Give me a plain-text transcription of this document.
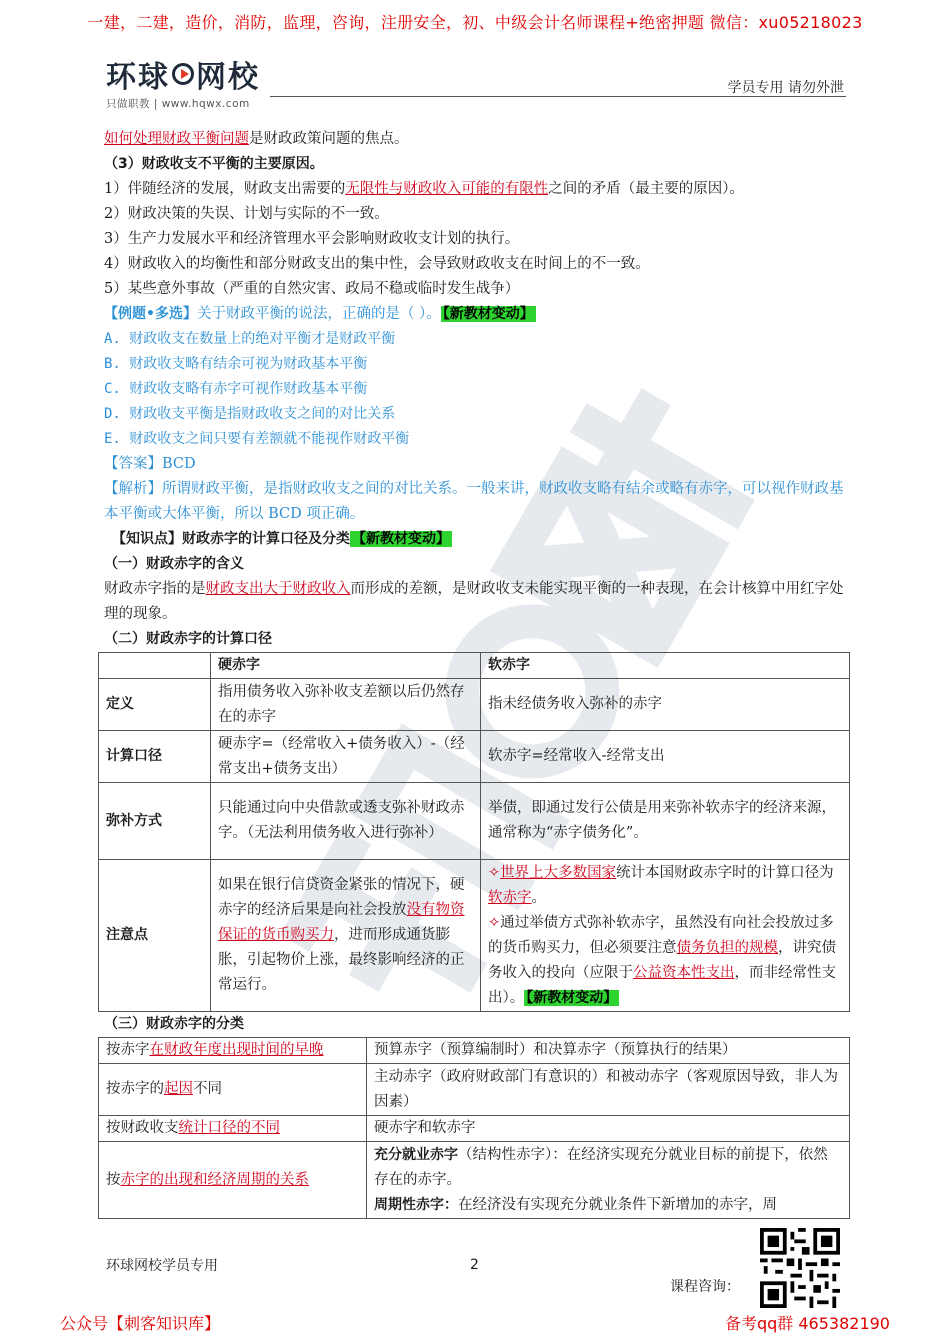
一建，二建，造价，消防，监理，咨询，注册安全，初、中级会计名师课程+绝密押题 微信：xu05218023
环球 网校
只做职教 | www.hqwx.com
学员专用 请勿外泄
如何处理财政平衡问题是财政政策问题的焦点。
（3）财政收支不平衡的主要原因。
1）伴随经济的发展，财政支出需要的无限性与财政收入可能的有限性之间的矛盾（最主要的原因）。
2）财政决策的失误、计划与实际的不一致。
3）生产力发展水平和经济管理水平会影响财政收支计划的执行。
4）财政收入的均衡性和部分财政支出的集中性，会导致财政收支在时间上的不一致。
5）某些意外事故（严重的自然灾害、政局不稳或临时发生战争）
【例题•多选】关于财政平衡的说法，正确的是（ ）。 【新教材变动】
A. 财政收支在数量上的绝对平衡才是财政平衡
B. 财政收支略有结余可视为财政基本平衡
C. 财政收支略有赤字可视作财政基本平衡
D. 财政收支平衡是指财政收支之间的对比关系
E. 财政收支之间只要有差额就不能视作财政平衡
【答案】BCD
【解析】所谓财政平衡，是指财政收支之间的对比关系。一般来讲，财政收支略有结余或略有赤字，可以视作财政基本平衡或大体平衡，所以 BCD 项正确。
【知识点】财政赤字的计算口径及分类 【新教材变动】
（一）财政赤字的含义
财政赤字指的是财政支出大于财政收入而形成的差额，是财政收支未能实现平衡的一种表现，在会计核算中用红字处理的现象。
（二）财政赤字的计算口径
	硬赤字	软赤字
定义	指用债务收入弥补收支差额以后仍然存在的赤字	指未经债务收入弥补的赤字
计算口径	硬赤字=（经常收入+债务收入）-（经常支出+债务支出）	软赤字=经常收入-经常支出
弥补方式	只能通过向中央借款或透支弥补财政赤字。（无法利用债务收入进行弥补）	举债，即通过发行公债是用来弥补软赤字的经济来源，通常称为“赤字债务化”。
注意点	如果在银行信贷资金紧张的情况下，硬赤字的经济后果是向社会投放没有物资保证的货币购买力，进而形成通货膨胀，引起物价上涨，最终影响经济的正常运行。	✧世界上大多数国家统计本国财政赤字时的计算口径为软赤字。
✧通过举债方式弥补软赤字，虽然没有向社会投放过多的货币购买力，但必须要注意债务负担的规模，讲究债务收入的投向（应限于公益资本性支出，而非经常性支出）。 【新教材变动】
（三）财政赤字的分类
按赤字在财政年度出现时间的早晚	预算赤字（预算编制时）和决算赤字（预算执行的结果）
按赤字的起因不同	主动赤字（政府财政部门有意识的）和被动赤字（客观原因导致，非人为因素）
按财政收支统计口径的不同	硬赤字和软赤字
按赤字的出现和经济周期的关系	充分就业赤字（结构性赤字）：在经济实现充分就业目标的前提下，依然存在的赤字。
周期性赤字：在经济没有实现充分就业条件下新增加的赤字，周
环球网校学员专用	2
课程咨询：
公众号【刺客知识库】	备考qq群 465382190
